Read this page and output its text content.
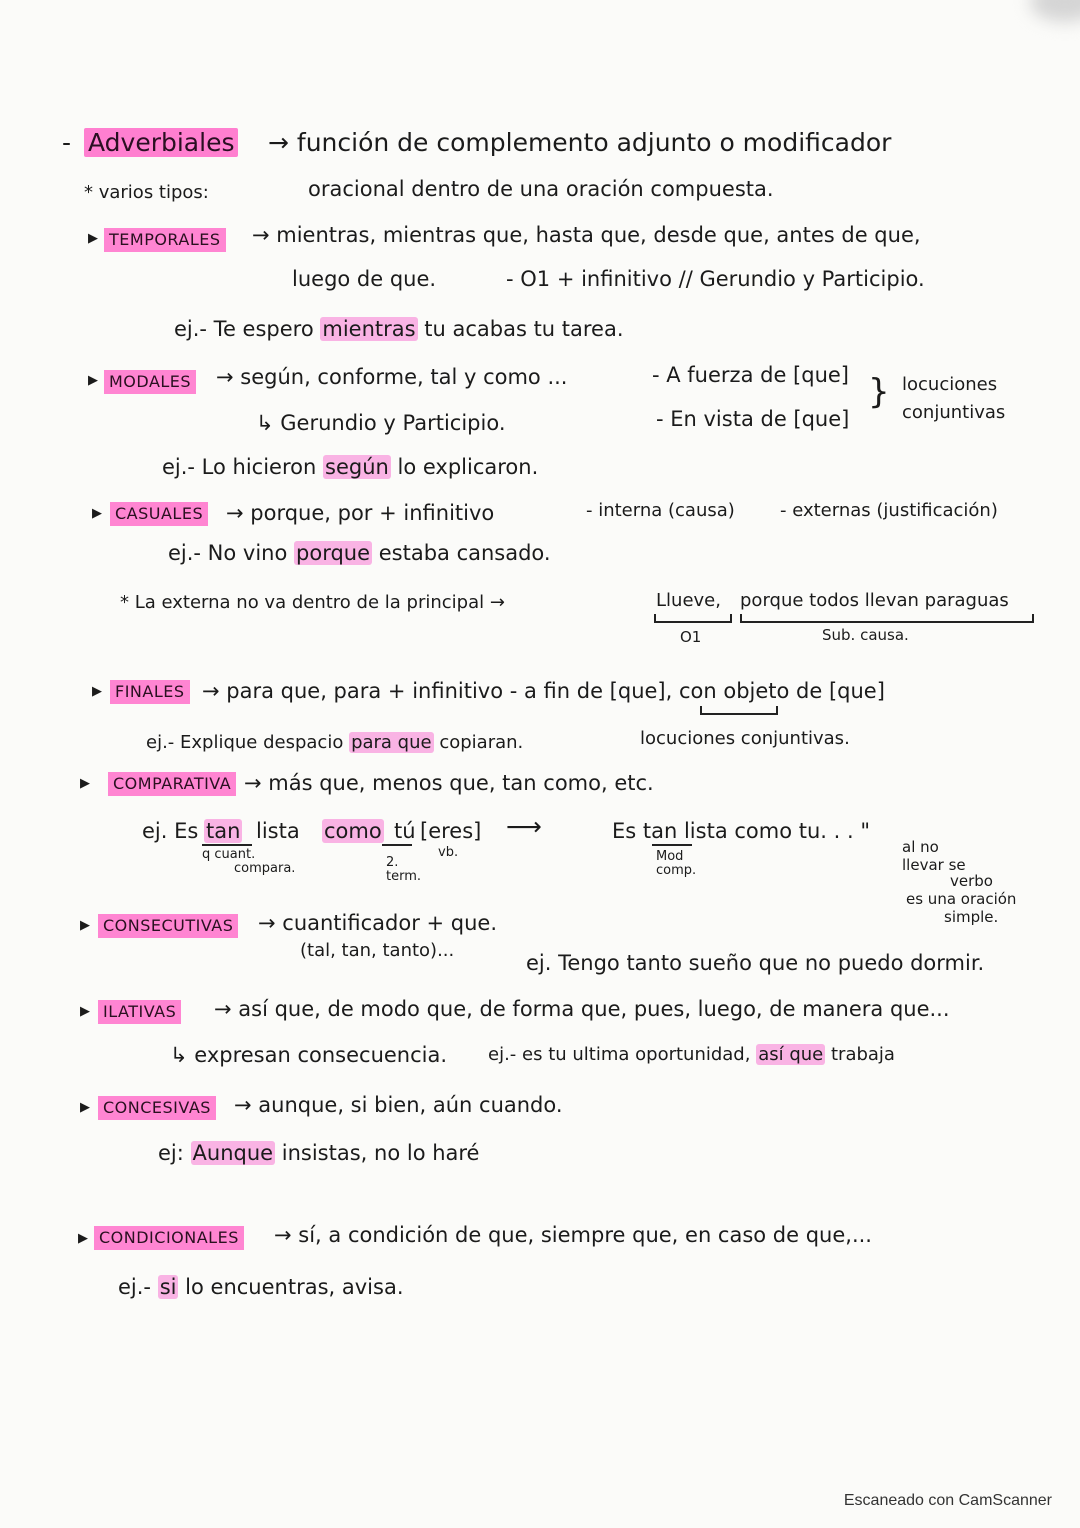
- Adverbiales → función de complemento adjunto o modificador
* varios tipos:	oracional dentro de una oración compuesta.
▶ TEMPORALES → mientras, mientras que, hasta que, desde que, antes de que,
luego de que.	- O1 + infinitivo // Gerundio y Participio.
ej.- Te espero mientras tu acabas tu tarea.
▶ MODALES → según, conforme, tal y como ...
↳ Gerundio y Participio.
- A fuerza de [que]
- En vista de [que]
} locuciones
conjuntivas
ej.- Lo hicieron según lo explicaron.
▶ CASUALES → porque, por + infinitivo	- interna (causa)	- externas (justificación)
ej.- No vino porque estaba cansado.
* La externa no va dentro de la principal →	Llueve, porque todos llevan paraguas
O1	Sub. causa.
▶ FINALES → para que, para + infinitivo - a fin de [que], con objeto de [que]
ej.- Explique despacio para que copiaran.	locuciones conjuntivas.
▶	COMPARATIVA → más que, menos que, tan como, etc.
ej. Es tan lista como tú [eres] ⟶	Es tan lista como tu. . . "
q cuant.
compara.	2. term.
vb.	Mod comp.
al no
llevar se
verbo
es una oración
simple.
▶ CONSECUTIVAS → cuantificador + que.
(tal, tan, tanto)...
ej. Tengo tanto sueño que no puedo dormir.
▶ ILATIVAS → así que, de modo que, de forma que, pues, luego, de manera que...
↳ expresan consecuencia. ej.- es tu ultima oportunidad, así que trabaja
▶ CONCESIVAS → aunque, si bien, aún cuando.
ej: Aunque insistas, no lo haré
▶ CONDICIONALES → sí, a condición de que, siempre que, en caso de que,...
ej.- si lo encuentras, avisa.
Escaneado con CamScanner
